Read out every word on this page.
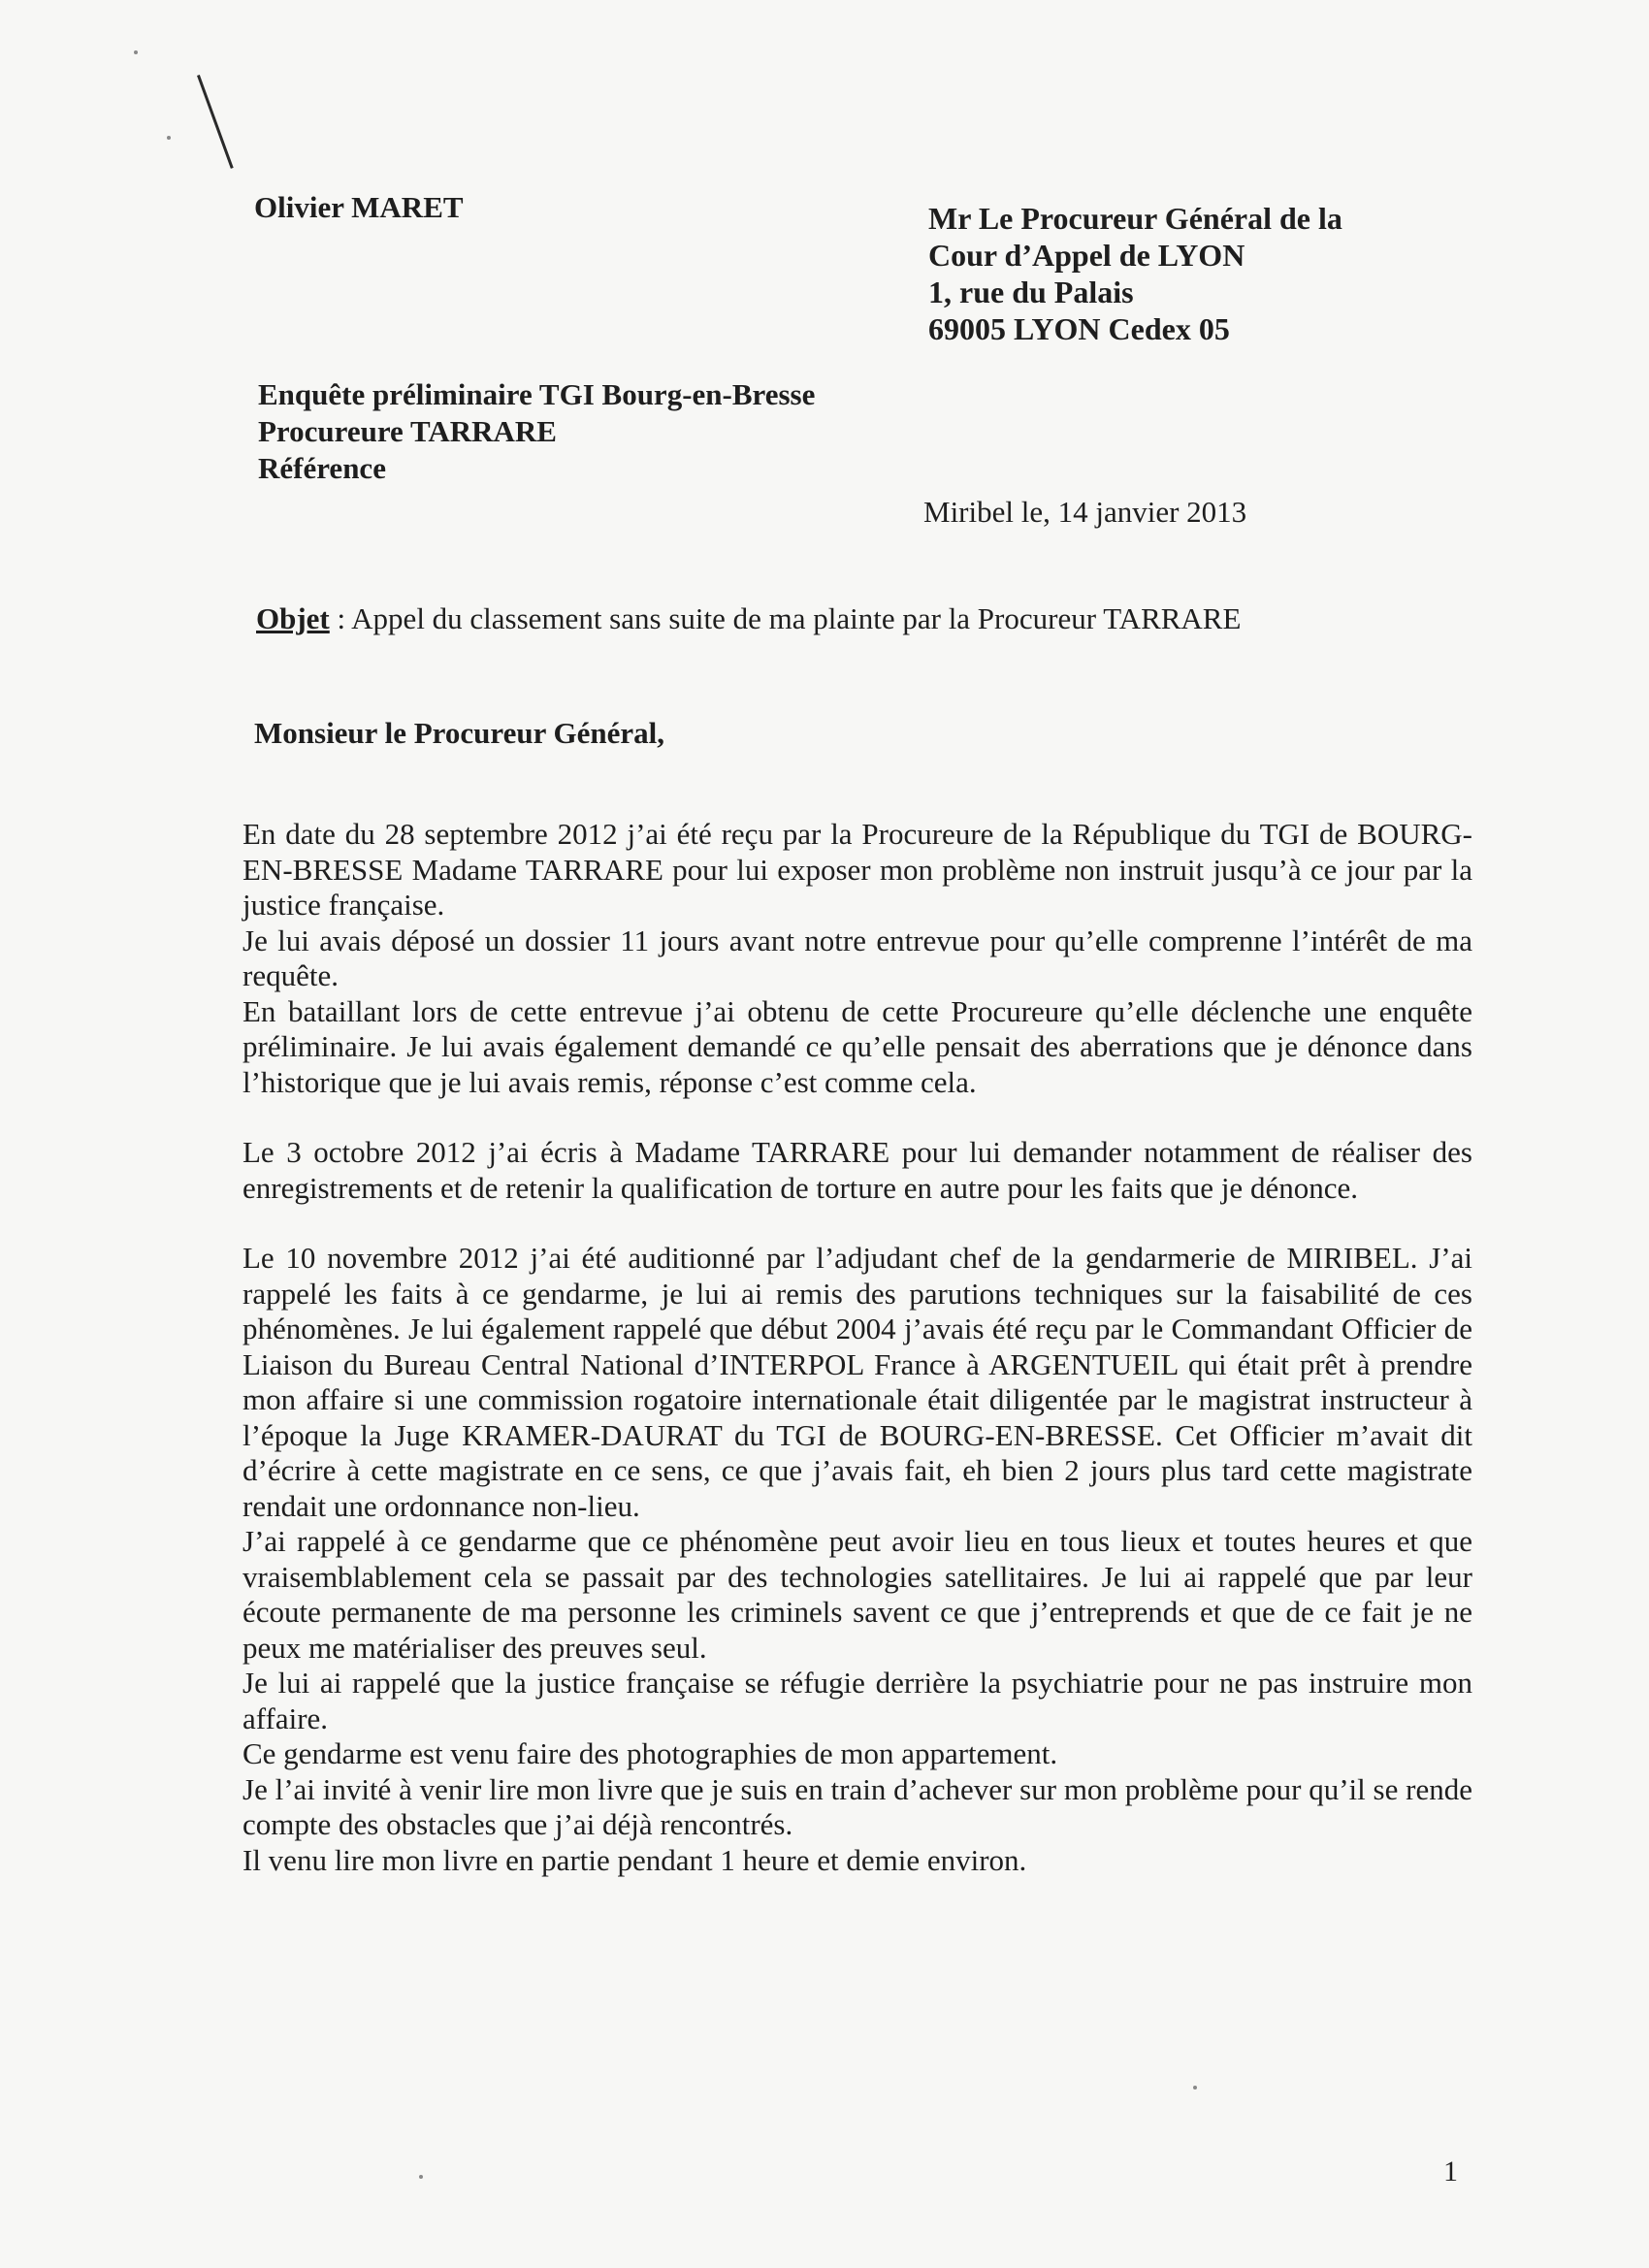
Olivier MARET	Mr Le Procureur Général de la
Cour d’Appel de LYON
1, rue du Palais
69005 LYON Cedex 05
Enquête préliminaire TGI Bourg-en-Bresse
Procureure TARRARE
Référence
Miribel le, 14 janvier 2013
Objet : Appel du classement sans suite de ma plainte par la Procureur TARRARE
Monsieur le Procureur Général,

En date du 28 septembre 2012 j’ai été reçu par la Procureure de la République du TGI de BOURG-EN-BRESSE Madame TARRARE pour lui exposer mon problème non instruit jusqu’à ce jour par la justice française.

Je lui avais déposé un dossier 11 jours avant notre entrevue pour qu’elle comprenne l’intérêt de ma requête.

En bataillant lors de cette entrevue j’ai obtenu de cette Procureure qu’elle déclenche une enquête préliminaire. Je lui avais également demandé ce qu’elle pensait des aberrations que je dénonce dans l’historique que je lui avais remis, réponse c’est comme cela.

Le 3 octobre 2012 j’ai écris à Madame TARRARE pour lui demander notamment de réaliser des enregistrements et de retenir la qualification de torture en autre pour les faits que je dénonce.

Le 10 novembre 2012 j’ai été auditionné par l’adjudant chef de la gendarmerie de MIRIBEL. J’ai rappelé les faits à ce gendarme, je lui ai remis des parutions techniques sur la faisabilité de ces phénomènes. Je lui également rappelé que début 2004 j’avais été reçu par le Commandant Officier de Liaison du Bureau Central National d’INTERPOL France à ARGENTUEIL qui était prêt à prendre mon affaire si une commission rogatoire internationale était diligentée par le magistrat instructeur à l’époque la Juge KRAMER-DAURAT du TGI de BOURG-EN-BRESSE. Cet Officier m’avait dit d’écrire à cette magistrate en ce sens, ce que j’avais fait, eh bien 2 jours plus tard cette magistrate rendait une ordonnance non-lieu.

J’ai rappelé à ce gendarme que ce phénomène peut avoir lieu en tous lieux et toutes heures et que vraisemblablement cela se passait par des technologies satellitaires. Je lui ai rappelé que par leur écoute permanente de ma personne les criminels savent ce que j’entreprends et que de ce fait je ne peux me matérialiser des preuves seul.

Je lui ai rappelé que la justice française se réfugie derrière la psychiatrie pour ne pas instruire mon affaire.

Ce gendarme est venu faire des photographies de mon appartement.

Je l’ai invité à venir lire mon livre que je suis en train d’achever sur mon problème pour qu’il se rende compte des obstacles que j’ai déjà rencontrés.

Il venu lire mon livre en partie pendant 1 heure et demie environ.

1
